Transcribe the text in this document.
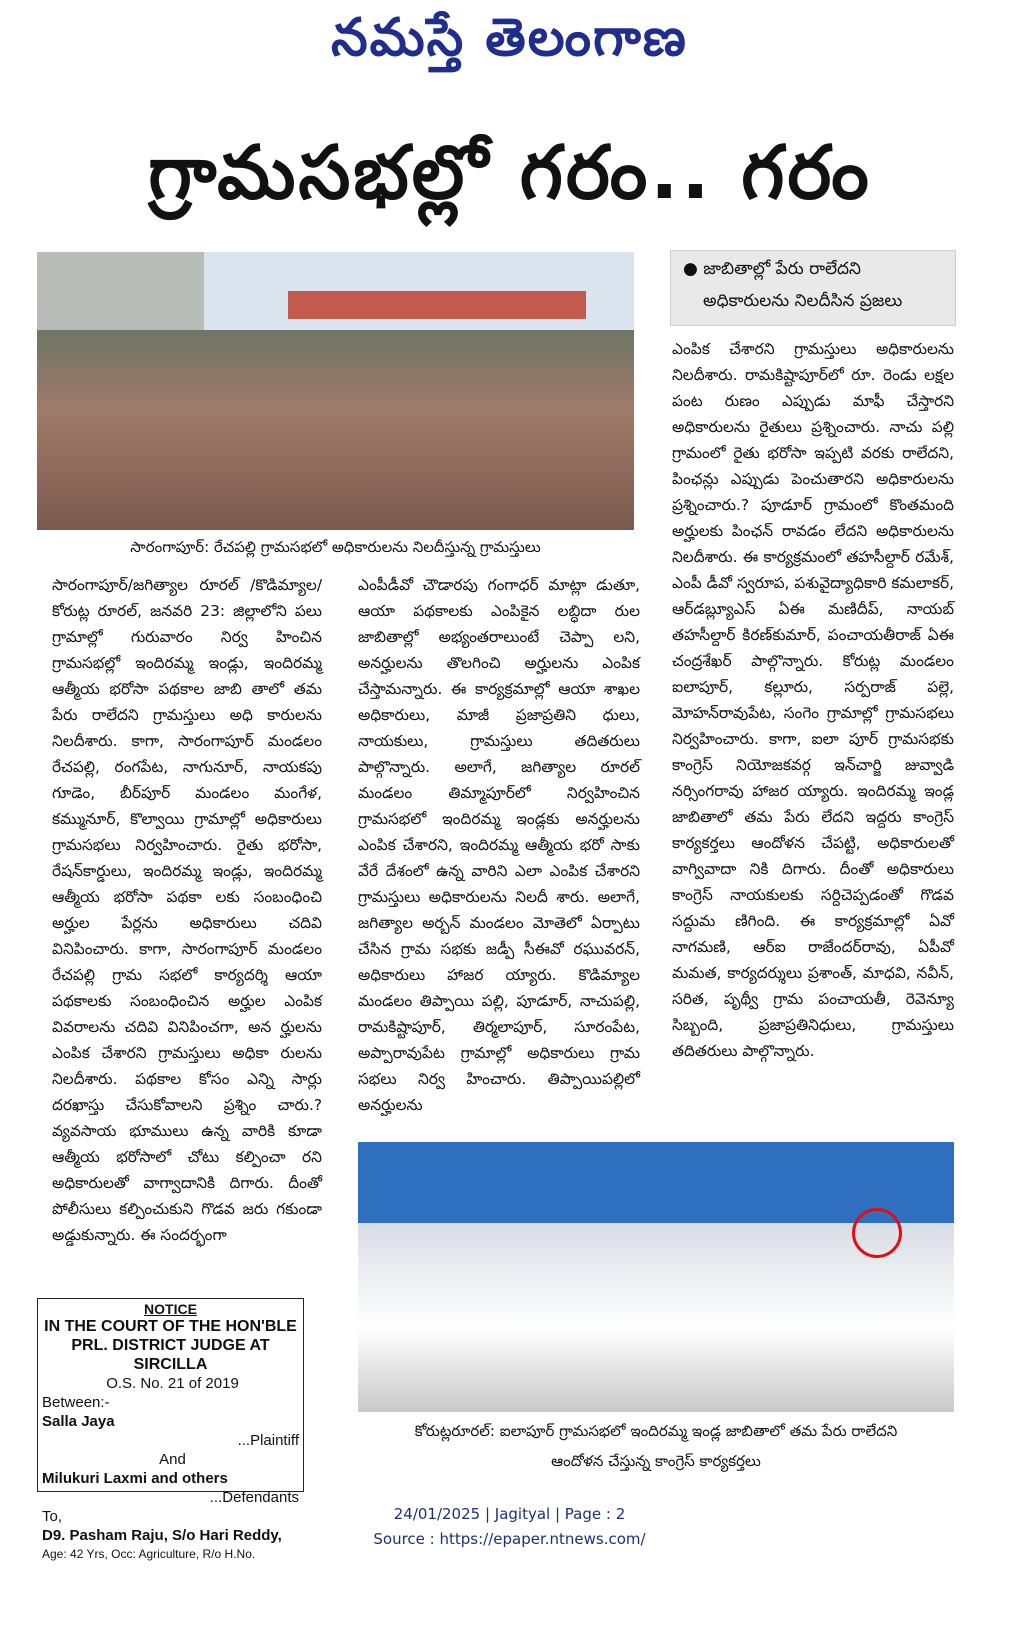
నమస్తే తెలంగాణ
గ్రామసభల్లో గరం.. గరం
సారంగాపూర్: రేచపల్లి గ్రామసభలో అధికారులను నిలదీస్తున్న గ్రామస్తులు
● జాబితాల్లో పేరు రాలేదని
అధికారులను నిలదీసిన ప్రజలు
ఎంపిక చేశారని గ్రామస్తులు అధికారులను నిలదీశారు. రామకిష్టాపూర్‌లో రూ. రెండు లక్షల పంట రుణం ఎప్పుడు మాఫీ చేస్తారని అధికారులను రైతులు ప్రశ్నించారు. నాచు పల్లి గ్రామంలో రైతు భరోసా ఇప్పటి వరకు రాలేదని, పింఛన్లు ఎప్పుడు పెంచుతారని అధికారులను ప్రశ్నించారు.? పూడూర్ గ్రామంలో కొంతమంది అర్హులకు పింఛన్ రావడం లేదని అధికారులను నిలదీశారు. ఈ కార్యక్రమంలో తహసీల్దార్ రమేశ్, ఎంపీ డీవో స్వరూప, పశువైద్యాధికారి కమలాకర్, ఆర్‌డబ్ల్యూఎస్ ఏఈ మణిదీప్, నాయబ్ తహసీల్దార్ కిరణ్‌కుమార్, పంచాయతీరాజ్ ఏఈ చంద్రశేఖర్ పాల్గొన్నారు. కోరుట్ల మండలం ఐలాపూర్, కల్లూరు, సర్పరాజ్ పల్లె, మోహన్‌రావుపేట, సంగెం గ్రామాల్లో గ్రామసభలు నిర్వహించారు. కాగా, ఐలా పూర్ గ్రామసభకు కాంగ్రెస్ నియోజకవర్గ ఇన్‌చార్జి జువ్వాడి నర్సింగరావు హాజర య్యారు. ఇందిరమ్మ ఇండ్ల జాబితాలో తమ పేరు లేదని ఇద్దరు కాంగ్రెస్ కార్యకర్తలు ఆందోళన చేపట్టి, అధికారులతో వాగ్వివాదా నికి దిగారు. దీంతో అధికారులు కాంగ్రెస్ నాయకులకు సర్దిచెప్పడంతో గొడవ సద్దుమ ణిగింది. ఈ కార్యక్రమాల్లో ఏవో నాగమణి, ఆర్ఐ రాజేందర్‌రావు, ఏపీవో మమత, కార్యదర్శులు ప్రశాంత్, మాధవి, నవీన్, సరిత, పృథ్వీ గ్రామ పంచాయతీ, రెవెన్యూ సిబ్బంది, ప్రజాప్రతినిధులు, గ్రామస్తులు తదితరులు పాల్గొన్నారు.
సారంగాపూర్/జగిత్యాల రూరల్ /కొడిమ్యాల/ కోరుట్ల రూరల్, జనవరి 23: జిల్లాలోని పలు గ్రామాల్లో గురువారం నిర్వ హించిన గ్రామసభల్లో ఇందిరమ్మ ఇండ్లు, ఇందిరమ్మ ఆత్మీయ భరోసా పథకాల జాబి తాలో తమ పేరు రాలేదని గ్రామస్తులు అధి కారులను నిలదీశారు. కాగా, సారంగాపూర్ మండలం రేచపల్లి, రంగపేట, నాగునూర్, నాయకపు గూడెం, బీర్‌పూర్ మండలం మంగేళ, కమ్మునూర్, కొల్వాయి గ్రామాల్లో అధికారులు గ్రామసభలు నిర్వహించారు. రైతు భరోసా, రేషన్‌కార్డులు, ఇందిరమ్మ ఇండ్లు, ఇందిరమ్మ ఆత్మీయ భరోసా పథకా లకు సంబంధించి అర్హుల పేర్లను అధికారులు చదివి వినిపించారు. కాగా, సారంగాపూర్ మండలం రేచపల్లి గ్రామ సభలో కార్యదర్శి ఆయా పథకాలకు సంబంధించిన అర్హుల ఎంపిక వివరాలను చదివి వినిపించగా, అన ర్హులను ఎంపిక చేశారని గ్రామస్తులు అధికా రులను నిలదీశారు. పథకాల కోసం ఎన్ని సార్లు దరఖాస్తు చేసుకోవాలని ప్రశ్నిం చారు.? వ్యవసాయ భూములు ఉన్న వారికి కూడా ఆత్మీయ భరోసాలో చోటు కల్పించా రని అధికారులతో వాగ్వాదానికి దిగారు. దీంతో పోలీసులు కల్పించుకుని గొడవ జరు గకుండా అడ్డుకున్నారు. ఈ సందర్భంగా
ఎంపీడీవో చౌడారపు గంగాధర్ మాట్లా డుతూ, ఆయా పథకాలకు ఎంపికైన లబ్ధిదా రుల జాబితాల్లో అభ్యంతరాలుంటే చెప్పా లని, అనర్హులను తొలగించి అర్హులను ఎంపిక చేస్తామన్నారు. ఈ కార్యక్రమాల్లో ఆయా శాఖల అధికారులు, మాజీ ప్రజాప్రతిని ధులు, నాయకులు, గ్రామస్తులు తదితరులు పాల్గొన్నారు. అలాగే, జగిత్యాల రూరల్ మండలం తిమ్మాపూర్‌లో నిర్వహించిన గ్రామసభలో ఇందిరమ్మ ఇండ్లకు అనర్హులను ఎంపిక చేశారని, ఇందిరమ్మ ఆత్మీయ భరో సాకు వేరే దేశంలో ఉన్న వారిని ఎలా ఎంపిక చేశారని గ్రామస్తులు అధికారులను నిలదీ శారు. అలాగే, జగిత్యాల అర్బన్ మండలం మోతెలో ఏర్పాటు చేసిన గ్రామ సభకు జడ్పీ సీఈవో రఘువరన్, అధికారులు హాజర య్యారు. కొడిమ్యాల మండలం తిప్పాయి పల్లి, పూడూర్, నాచుపల్లి, రామకిష్టాపూర్, తిర్మలాపూర్, సూరంపేట, అప్పారావుపేట గ్రామాల్లో అధికారులు గ్రామ సభలు నిర్వ హించారు. తిప్పాయిపల్లిలో అనర్హులను
NOTICE
IN THE COURT OF THE HON'BLE
PRL. DISTRICT JUDGE AT SIRCILLA
O.S. No. 21 of 2019
Between:-
Salla Jaya
...Plaintiff
And
Milukuri Laxmi and others
...Defendants
To,
D9. Pasham Raju, S/o Hari Reddy,
Age: 42 Yrs, Occ: Agriculture, R/o H.No.
కోరుట్లరూరల్: ఐలాపూర్ గ్రామసభలో ఇందిరమ్మ ఇండ్ల జాబితాలో తమ పేరు రాలేదని
ఆందోళన చేస్తున్న కాంగ్రెస్ కార్యకర్తలు
24/01/2025 | Jagityal | Page : 2
Source : https://epaper.ntnews.com/
